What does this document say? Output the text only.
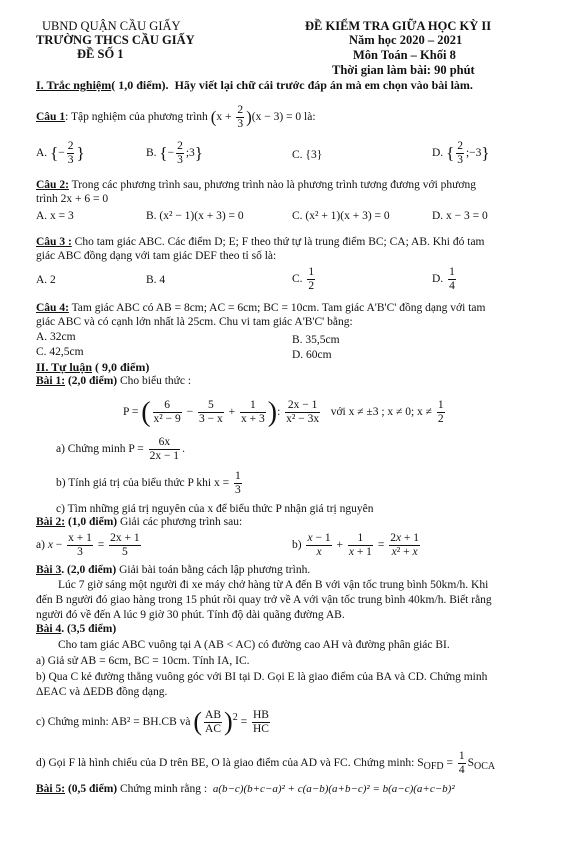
UBND QUẬN CẦU GIẤY
TRƯỜNG THCS CẦU GIẤY
ĐỀ SỐ 1
ĐỀ KIỂM TRA GIỮA HỌC KỲ II
Năm học 2020 – 2021
Môn Toán – Khối 8
Thời gian làm bài: 90 phút
I. Trắc nghiệm( 1,0 điểm). Hãy viết lại chữ cái trước đáp án mà em chọn vào bài làm.
Câu 1: Tập nghiệm của phương trình $(x + \frac{2}{3} )(x - 3) = 0$ là:
A. {− $\frac{2}{3}$ }	B. {− $\frac{2}{3}$ ;3}	C. {3}	D. { $\frac{2}{3}$ ;−3}
Câu 2: Trong các phương trình sau, phương trình nào là phương trình tương đương với phương
trình 2x + 6 = 0
A. x = 3	B. (x² − 1)(x + 3) = 0	C. (x² + 1)(x + 3) = 0	D. x − 3 = 0
Câu 3 : Cho tam giác ABC. Các điểm D; E; F theo thứ tự là trung điểm BC; CA; AB. Khi đó tam
giác ABC đồng dạng với tam giác DEF theo tỉ số là:
A. 2	B. 4	C. $\frac{1}{2}$	D. $\frac{1}{4}$
Câu 4: Tam giác ABC có AB = 8cm; AC = 6cm; BC = 10cm. Tam giác A'B'C' đồng dạng với tam
giác ABC và có cạnh lớn nhất là 25cm. Chu vi tam giác A'B'C' bằng:
A. 32cm	B. 35,5cm
C. 42,5cm	D. 60cm
II. Tự luận ( 9,0 điểm)
Bài 1: (2,0 điểm) Cho biểu thức :
P = ( $\frac{6}{\text{x² − 9}} - \frac{5}{3 - x} + \frac{1}{x + 3}$ ): $\frac{2x - 1}{\text{x² − 3x}}$ với x ≠ ±3 ; x ≠ 0; $x \ne \frac{1}{2}$
a) Chứng minh $P = \frac{6x}{2x - 1}$ .
b) Tính giá trị của biểu thức P khi $x = \frac{1}{3}$
c) Tìm những giá trị nguyên của x để biểu thức P nhận giá trị nguyên
Bài 2: (1,0 điểm) Giải các phương trình sau:
a) $x - \frac{x + 1}{3} = \frac{2x + 1}{5}$	$b) \frac{x - 1}{x} + \frac{1}{x + 1} = \frac{2x + 1}{\text{x² + x}}$
Bài 3. (2,0 điểm) Giải bài toán bằng cách lập phương trình.
Lúc 7 giờ sáng một người đi xe máy chở hàng từ A đến B với vận tốc trung bình 50km/h. Khi
đến B người đó giao hàng trong 15 phút rồi quay trở về A với vận tốc trung bình 40km/h. Biết rằng
người đó về đến A lúc 9 giờ 30 phút. Tính độ dài quãng đường AB.
Bài 4. (3,5 điểm)
Cho tam giác ABC vuông tại A (AB < AC) có đường cao AH và đường phân giác BI.
a) Giả sử AB = 6cm, BC = 10cm. Tính IA, IC.
b) Qua C kẻ đường thẳng vuông góc với BI tại D. Gọi E là giao điểm của BA và CD. Chứng minh
ΔEAC và ΔEDB đồng dạng.
c) Chứng minh: AB² = BH.CB và ( $\frac{AB}{AC} )^2 = \frac{HB}{HC}$
d) Gọi F là hình chiếu của D trên BE, O là giao điểm của AD và FC. Chứng minh: $S_{OFD} = \frac{1}{4} S_{OCA}$
Bài 5: (0,5 điểm) Chứng minh rằng : a(b−c)(b+c−a)² + c(a−b)(a+b−c)² = b(a−c)(a+c−b)²
